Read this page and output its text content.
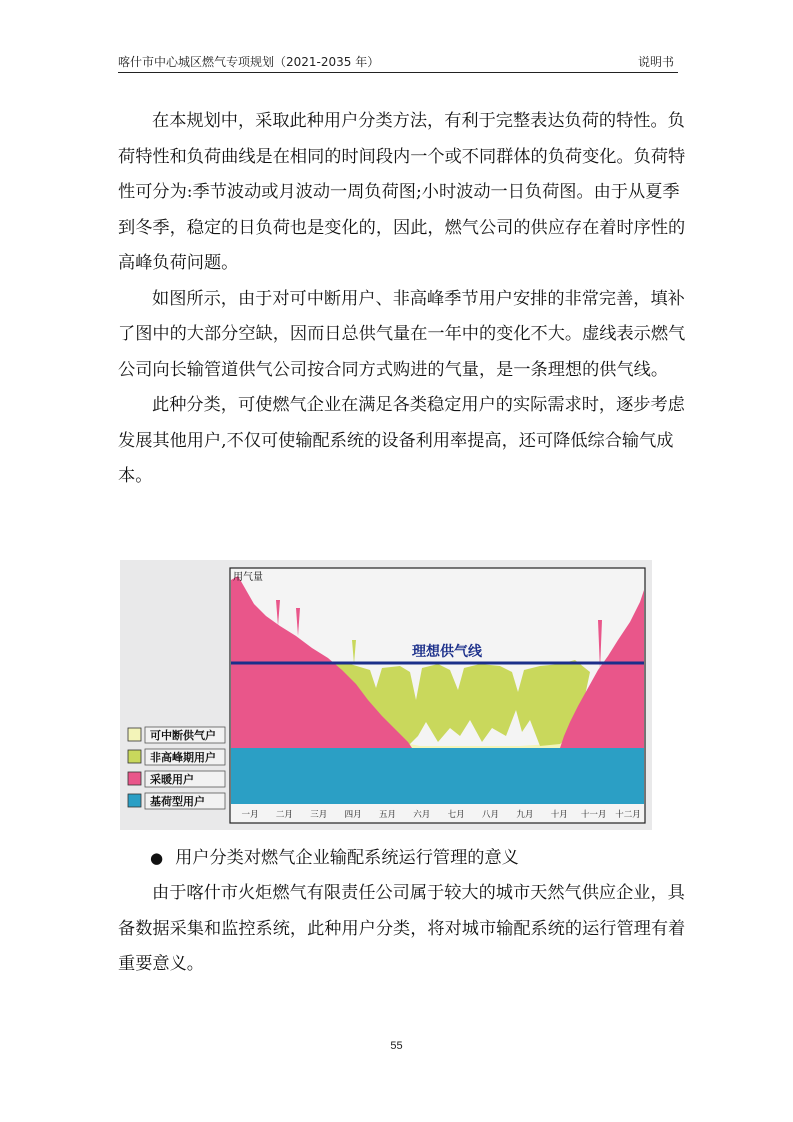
喀什市中心城区燃气专项规划（2021-2035 年）	说明书

在本规划中，采取此种用户分类方法，有利于完整表达负荷的特性。负荷特性和负荷曲线是在相同的时间段内一个或不同群体的负荷变化。负荷特性可分为:季节波动或月波动一周负荷图;小时波动一日负荷图。由于从夏季到冬季，稳定的日负荷也是变化的，因此，燃气公司的供应存在着时序性的高峰负荷问题。

如图所示，由于对可中断用户、非高峰季节用户安排的非常完善，填补了图中的大部分空缺，因而日总供气量在一年中的变化不大。虚线表示燃气公司向长输管道供气公司按合同方式购进的气量，是一条理想的供气线。

此种分类，可使燃气企业在满足各类稳定用户的实际需求时，逐步考虑发展其他用户,不仅可使输配系统的设备利用率提高，还可降低综合输气成本。

理想供气线
用气量
可中断供气户
非高峰期用户
采暖用户
基荷型用户
一月 二月 三月 四月 五月 六月 七月 八月 九月 十月 十一月 十二月
● 用户分类对燃气企业输配系统运行管理的意义

由于喀什市火炬燃气有限责任公司属于较大的城市天然气供应企业，具备数据采集和监控系统，此种用户分类，将对城市输配系统的运行管理有着重要意义。

55
